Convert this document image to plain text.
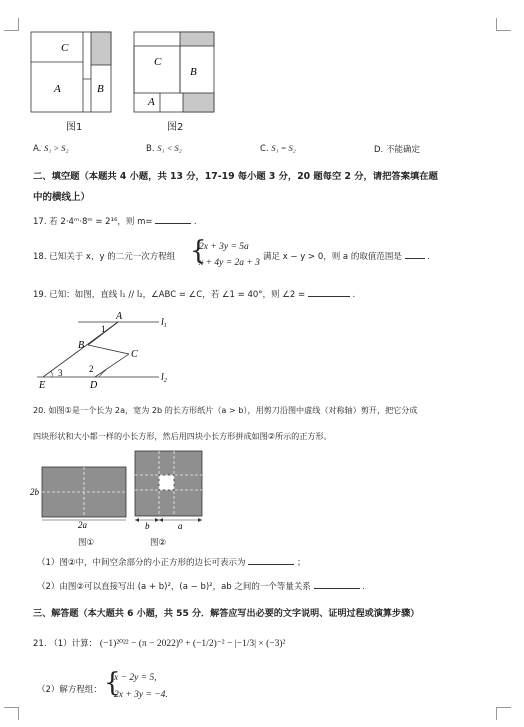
C
A	B
C
B
A
图1	图2
A. S₁ > S₂	B. S₁ < S₂	C. S₁ = S₂	D. 不能确定
二、填空题（本题共 4 小题，共 13 分，17-19 每小题 3 分，20 题每空 2 分，请把答案填在题
中的横线上）
17. 若 2·4ᵐ·8ᵐ = 2¹⁶，则 m=	.
18. 已知关于 x，y 的二元一次方程组 {
2x + 3y = 5a
x + 4y = 2a + 3
满足 x − y > 0，则 a 的取值范围是	.
19. 已知：如图，直线 l₁ // l₂，∠ABC = ∠C，若 ∠1 = 40°，则 ∠2 =	.
A
B
C
D
E
$l_1$
$l_2$
1
2
3
20. 如图①是一个长为 2a，宽为 2b 的长方形纸片（a > b），用剪刀沿图中虚线（对称轴）剪开，把它分成
四块形状和大小都一样的小长方形，然后用四块小长方形拼成如图②所示的正方形。
2b
2a	b	a
图①	图②
（1）图②中，中间空余部分的小正方形的边长可表示为	；
（2）由图②可以直接写出 (a + b)²，(a − b)²，ab 之间的一个等量关系	.
三、解答题（本大题共 6 小题，共 55 分．解答应写出必要的文字说明、证明过程或演算步骤）
21. （1）计算： (−1)²⁰²² − (π − 2022)⁰ + (−1/2)⁻² − |−1/3| × (−3)²
（2）解方程组： {
x − 2y = 5,
2x + 3y = −4.
